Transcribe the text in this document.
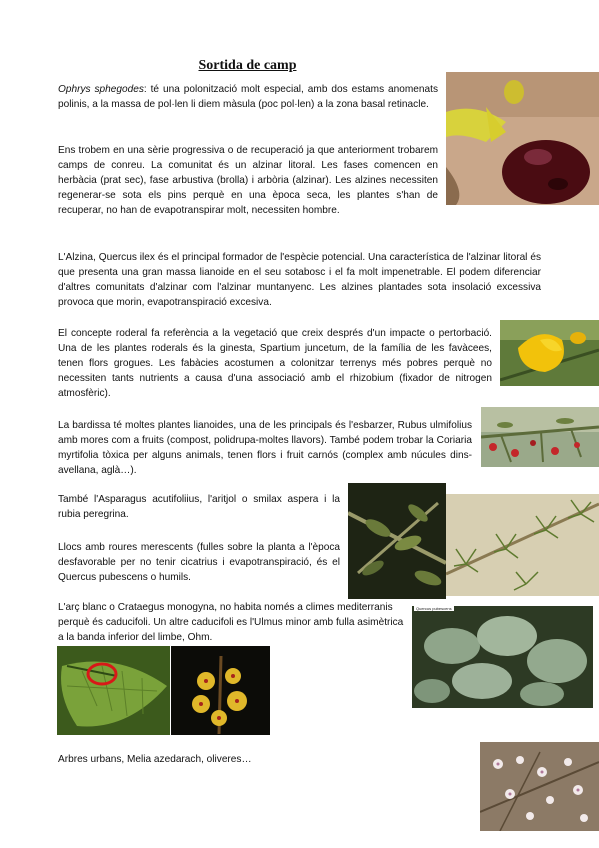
Sortida de camp
Ophrys sphegodes: té una polonització molt especial, amb dos estams anomenats polinis, a la massa de pol·len li diem màsula (poc pol·len) a la zona basal retinacle.
Ens trobem en una sèrie progressiva o de recuperació ja que anteriorment trobarem camps de conreu. La comunitat és un alzinar litoral. Les fases comencen en herbàcia (prat sec), fase arbustiva (brolla) i arbòria (alzinar). Les alzines necessiten regenerar-se sota els pins perquè en una època seca, les plantes s'han de recuperar, no han de evapotranspirar molt, necessiten hombre.
L'Alzina, Quercus ilex és el principal formador de l'espècie potencial. Una característica de l'alzinar litoral és que presenta una gran massa lianoide en el seu sotabosc i el fa molt impenetrable. El podem diferenciar d'altres comunitats d'alzinar com l'alzinar muntanyenc. Les alzines plantades sota insolació excessiva provoca que morin, evapotranspiració excesiva.
El concepte roderal fa referència a la vegetació que creix després d'un impacte o pertorbació. Una de les plantes roderals és la ginesta, Spartium juncetum, de la família de les favàcees, tenen flors grogues. Les fabàcies acostumen a colonitzar terrenys més pobres perquè no necessiten tants nutrients a causa d'una associació amb el rhizobium (fixador de nitrogen atmosfèric).
La bardissa té moltes plantes lianoides, una de les principals és l'esbarzer, Rubus ulmifolius amb mores com a fruits (compost, polidrupa-moltes llavors). També podem trobar la Coriaria myrtifolia tòxica per alguns animals, tenen flors i fruit carnós (complex amb núcules dins-avellana, aglà…).
També l'Asparagus acutifoliius, l'aritjol o smilax aspera i la rubia peregrina.
Llocs amb roures merescents (fulles sobre la planta a l'època desfavorable per no tenir cicatrius i evapotranspiració, és el Quercus pubescens o humils.
L'arç blanc o Crataegus monogyna, no habita només a climes mediterranis perquè és caducifoli. Un altre caducifoli es l'Ulmus minor amb fulla asimètrica a la banda inferior del limbe, Ohm.
Arbres urbans, Melia azedarach, oliveres…
Quercus pubescens
